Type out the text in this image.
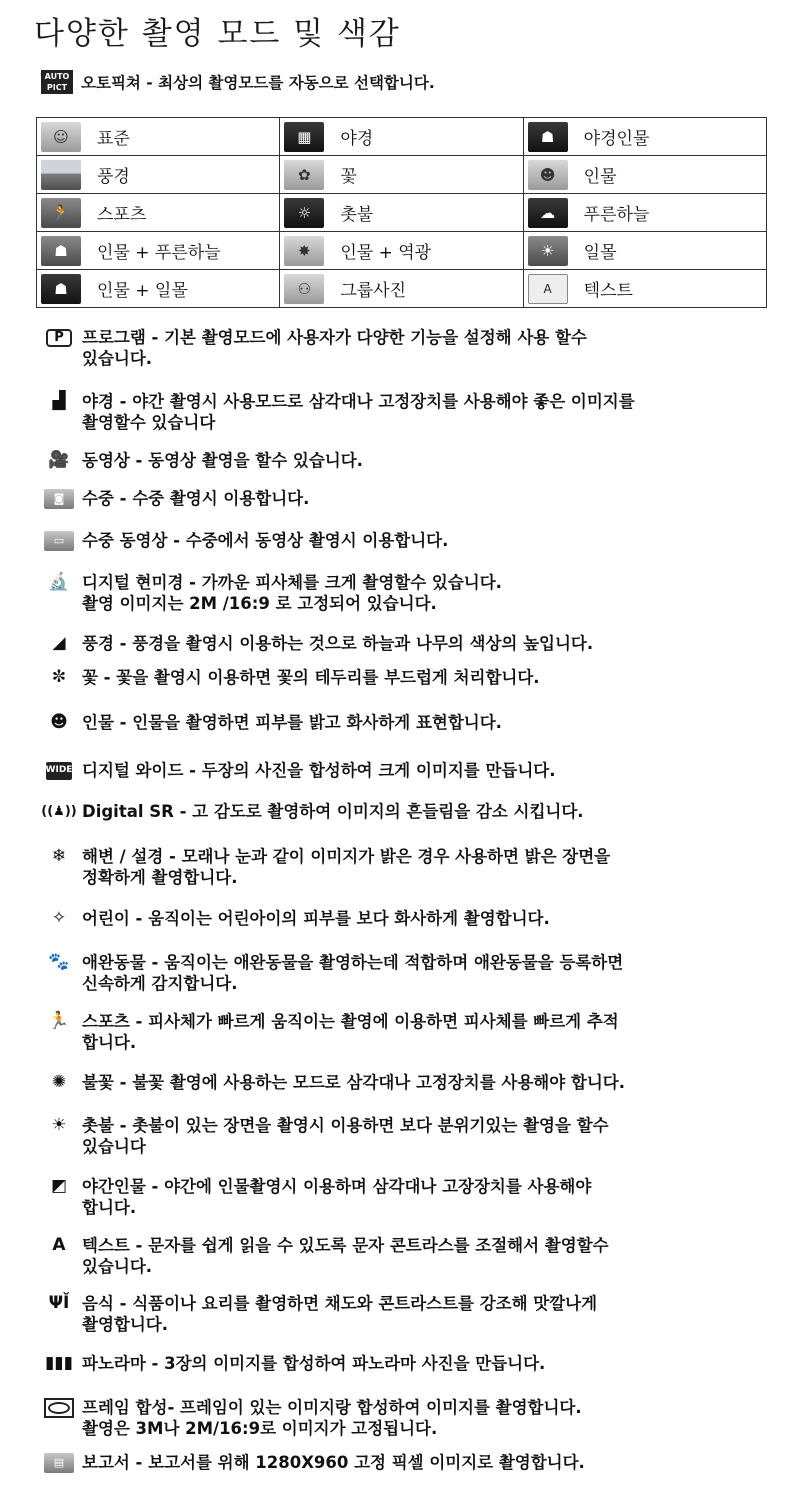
다양한 촬영 모드 및 색감
AUTO
PICT 오토픽쳐 - 최상의 촬영모드를 자동으로 선택합니다.
☺ 표준	▦ 야경	☗ 야경인물

풍경	✿ 꽃	☻ 인물

🏃 스포츠	☼ 촛불	☁ 푸른하늘

☗ 인물 + 푸른하늘	✸ 인물 + 역광	☀ 일몰

☗ 인물 + 일몰	⚇ 그룹사진	A 텍스트
P	프로그램 - 기본 촬영모드에 사용자가 다양한 기능을 설정해 사용 할수
있습니다.
▟ 야경 - 야간 촬영시 사용모드로 삼각대나 고정장치를 사용해야 좋은 이미지를
촬영할수 있습니다
🎥 동영상 - 동영상 촬영을 할수 있습니다.
◙	수중 - 수중 촬영시 이용합니다.
▭	수중 동영상 - 수중에서 동영상 촬영시 이용합니다.
🔬 디지털 현미경 - 가까운 피사체를 크게 촬영할수 있습니다.
촬영 이미지는 2M /16:9 로 고정되어 있습니다.
◢ 풍경 - 풍경을 촬영시 이용하는 것으로 하늘과 나무의 색상의 높입니다.
✼ 꽃 - 꽃을 촬영시 이용하면 꽃의 테두리를 부드럽게 처리합니다.
☻ 인물 - 인물을 촬영하면 피부를 밝고 화사하게 표현합니다.
WIDE 디지털 와이드 - 두장의 사진을 합성하여 크게 이미지를 만듭니다.
((♟)) Digital SR - 고 감도로 촬영하여 이미지의 흔들림을 감소 시킵니다.
❄ 해변 / 설경 - 모래나 눈과 같이 이미지가 밝은 경우 사용하면 밝은 장면을
정확하게 촬영합니다.
✧ 어린이 - 움직이는 어린아이의 피부를 보다 화사하게 촬영합니다.
🐾 애완동물 - 움직이는 애완동물을 촬영하는데 적합하며 애완동물을 등록하면
신속하게 감지합니다.
🏃 스포츠 - 피사체가 빠르게 움직이는 촬영에 이용하면 피사체를 빠르게 추적
합니다.
✺ 불꽃 - 불꽃 촬영에 사용하는 모드로 삼각대나 고정장치를 사용해야 합니다.
☀ 촛불 - 촛불이 있는 장면을 촬영시 이용하면 보다 분위기있는 촬영을 할수
있습니다
◩ 야간인물 - 야간에 인물촬영시 이용하며 삼각대나 고장장치를 사용해야
합니다.
A 텍스트 - 문자를 쉽게 읽을 수 있도록 문자 콘트라스를 조절해서 촬영할수
있습니다.
ΨǏ 음식 - 식품이나 요리를 촬영하면 채도와 콘트라스트를 강조해 맛깔나게
촬영합니다.
▮▮▮ 파노라마 - 3장의 이미지를 합성하여 파노라마 사진을 만듭니다.
프레임 합성- 프레임이 있는 이미지랑 합성하여 이미지를 촬영합니다.
촬영은 3M나 2M/16:9로 이미지가 고정됩니다.
▤	보고서 - 보고서를 위해 1280X960 고정 픽셀 이미지로 촬영합니다.
